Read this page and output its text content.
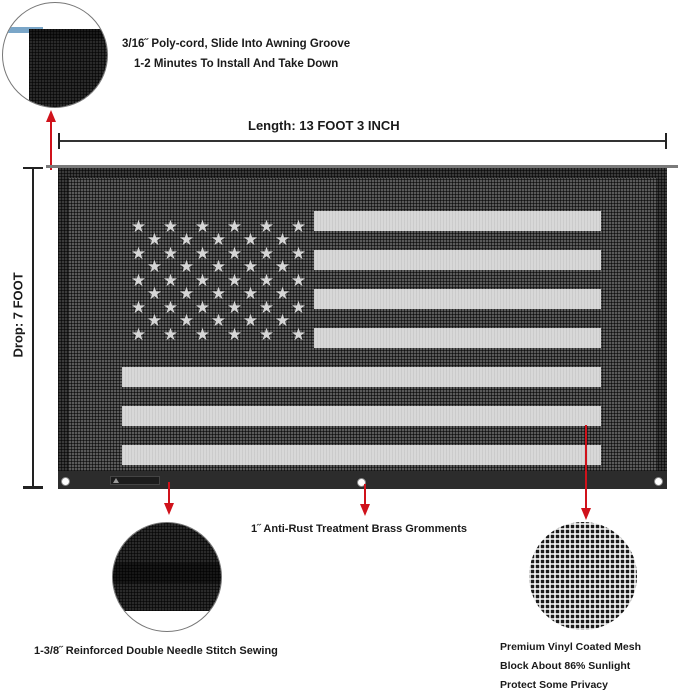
3/16˝ Poly-cord, Slide Into Awning Groove
1-2 Minutes To Install And Take Down
Length: 13 FOOT 3 INCH
Drop: 7 FOOT
★ ★ ★ ★ ★ ★
★ ★ ★ ★ ★
★ ★ ★ ★ ★ ★
★ ★ ★ ★ ★
★ ★ ★ ★ ★ ★
★ ★ ★ ★ ★
★ ★ ★ ★ ★ ★
★ ★ ★ ★ ★
★ ★ ★ ★ ★ ★
1˝ Anti-Rust Treatment Brass Gromments
1-3/8˝ Reinforced Double Needle Stitch Sewing	Premium Vinyl Coated Mesh
Block About 86% Sunlight
Protect Some Privacy
